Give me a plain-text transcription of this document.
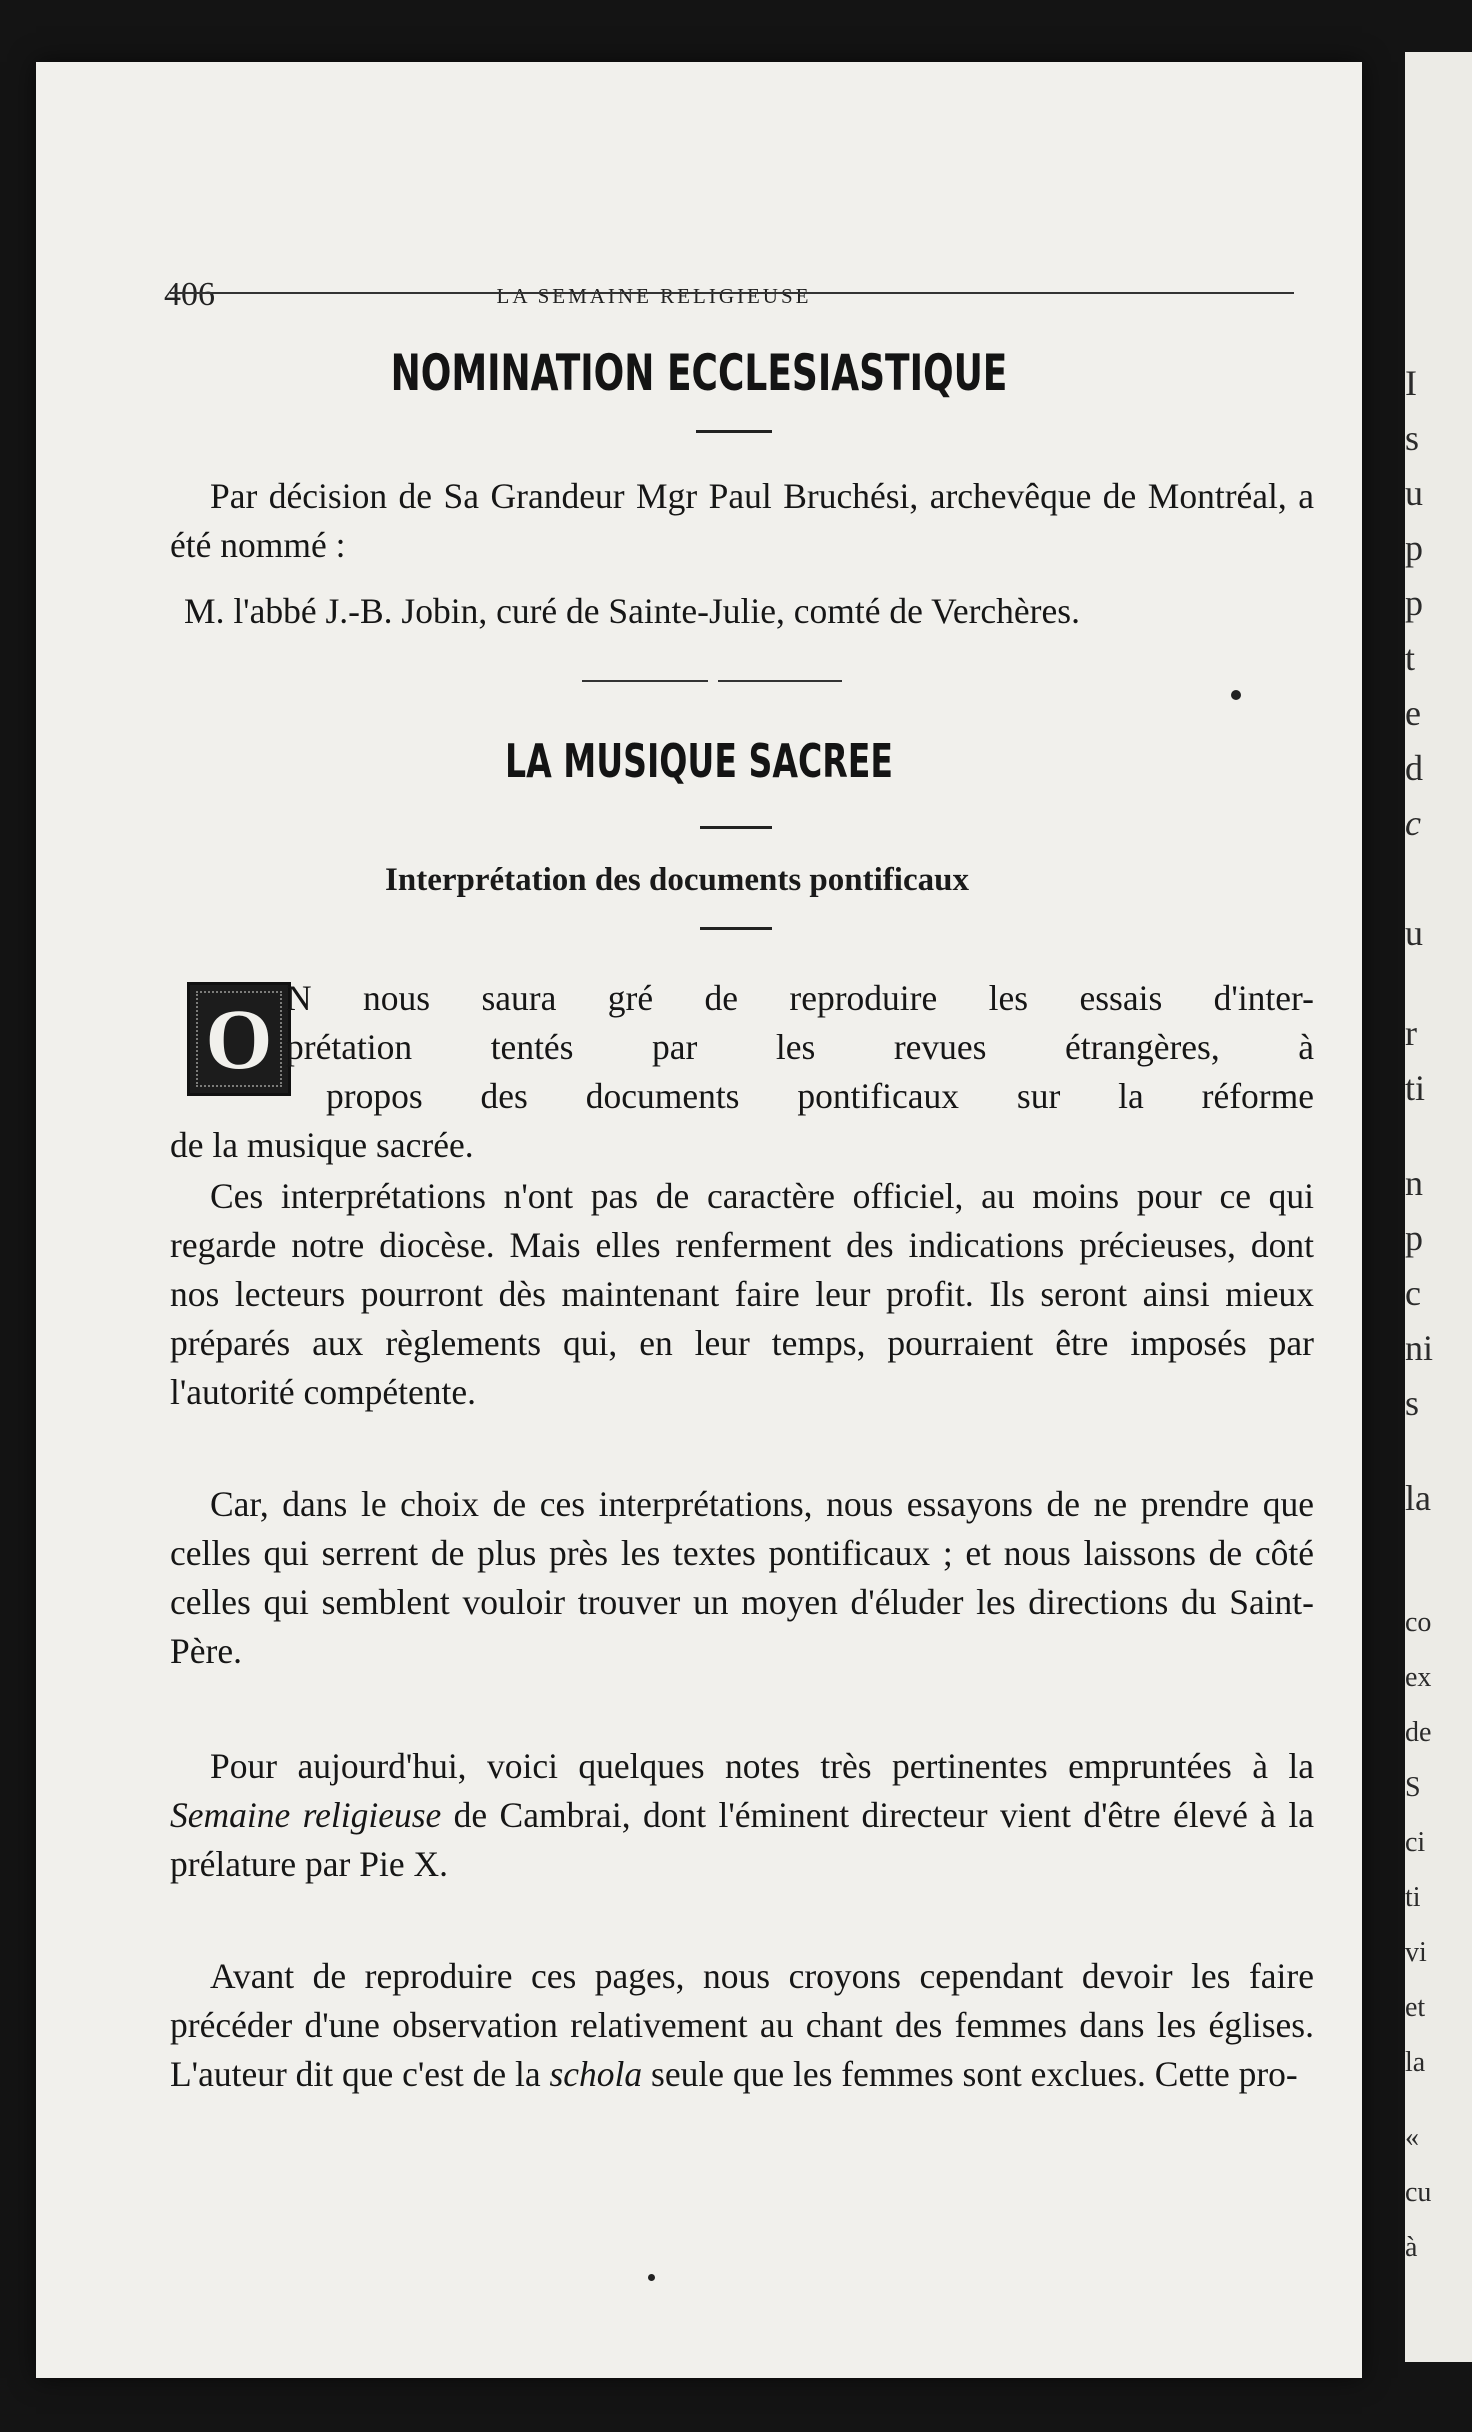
406	LA SEMAINE RELIGIEUSE
NOMINATION ECCLESIASTIQUE

Par décision de Sa Grandeur Mgr Paul Bruchési, archevêque de Montréal, a été nommé :

M. l'abbé J.-B. Jobin, curé de Sainte-Julie, comté de Verchères.

LA MUSIQUE SACREE
Interprétation des documents pontificaux
O N nous saura gré de reproduire les essais d'inter-

prétation tentés par les revues étrangères, à

propos des documents pontificaux sur la réforme

de la musique sacrée.

Ces interprétations n'ont pas de caractère officiel, au moins pour ce qui regarde notre diocèse. Mais elles renferment des indications précieuses, dont nos lecteurs pourront dès maintenant faire leur profit. Ils seront ainsi mieux préparés aux règlements qui, en leur temps, pourraient être imposés par l'autorité compétente.

Car, dans le choix de ces interprétations, nous essayons de ne prendre que celles qui serrent de plus près les textes pontificaux ; et nous laissons de côté celles qui semblent vouloir trouver un moyen d'éluder les directions du Saint-Père.

Pour aujourd'hui, voici quelques notes très pertinentes empruntées à la Semaine religieuse de Cambrai, dont l'éminent directeur vient d'être élevé à la prélature par Pie X.

Avant de reproduire ces pages, nous croyons cependant devoir les faire précéder d'une observation relativement au chant des femmes dans les églises. L'auteur dit que c'est de la schola seule que les femmes sont exclues. Cette pro-

I
s
u
p
p
t
e
d
c
u
r
ti
n
p
c
ni
s
la
co
ex
de
S
ci
ti
vi
et
la
«
cu
à
